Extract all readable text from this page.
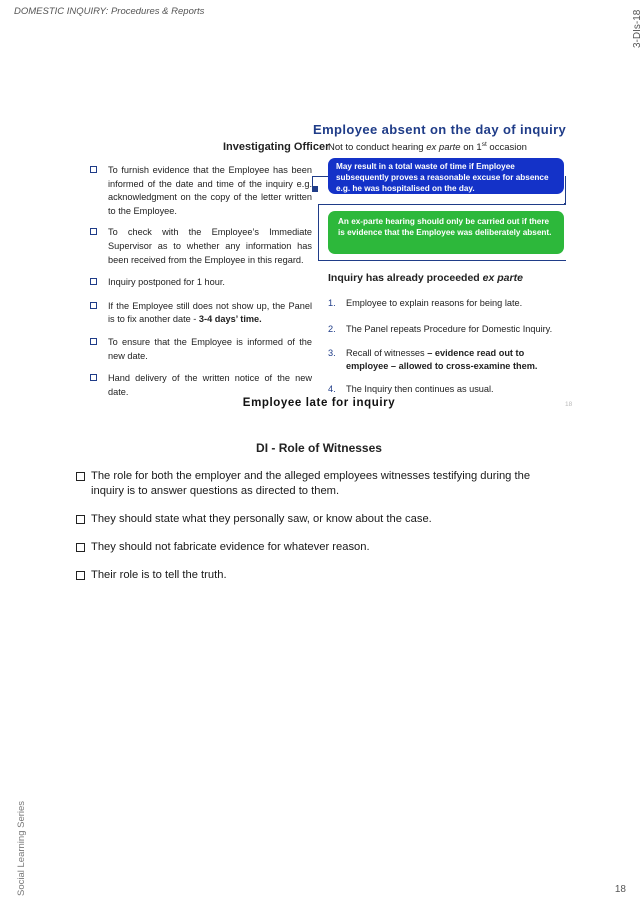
DOMESTIC INQUIRY: Procedures & Reports	3-DIs-18
Social Learning Series	18
Employee absent on the day of inquiry
Investigating Officer
Not to conduct hearing ex parte on 1st occasion
To furnish evidence that the Employee has been informed of the date and time of the inquiry e.g. acknowledgment on the copy of the letter written to the Employee.
To check with the Employee’s Immediate Supervisor as to whether any information has been received from the Employee in this regard.
Inquiry postponed for 1 hour.
If the Employee still does not show up, the Panel is to fix another date - 3-4 days’ time.
To ensure that the Employee is informed of the new date.
Hand delivery of the written notice of the new date.
May result in a total waste of time if Employee subsequently proves a reasonable excuse for absence e.g. he was hospitalised on the day.
An ex-parte hearing should only be carried out if there is evidence that the Employee was deliberately absent.
Inquiry has already proceeded ex parte
1. Employee to explain reasons for being late.
2. The Panel repeats Procedure for Domestic Inquiry.
3. Recall of witnesses – evidence read out to employee – allowed to cross-examine them.
4. The Inquiry then continues as usual.
Employee late for inquiry	18
DI - Role of Witnesses
The role for both the employer and the alleged employees witnesses testifying during the inquiry is to answer questions as directed to them.
They should state what they personally saw, or know about the case.
They should not fabricate evidence for whatever reason.
Their role is to tell the truth.
